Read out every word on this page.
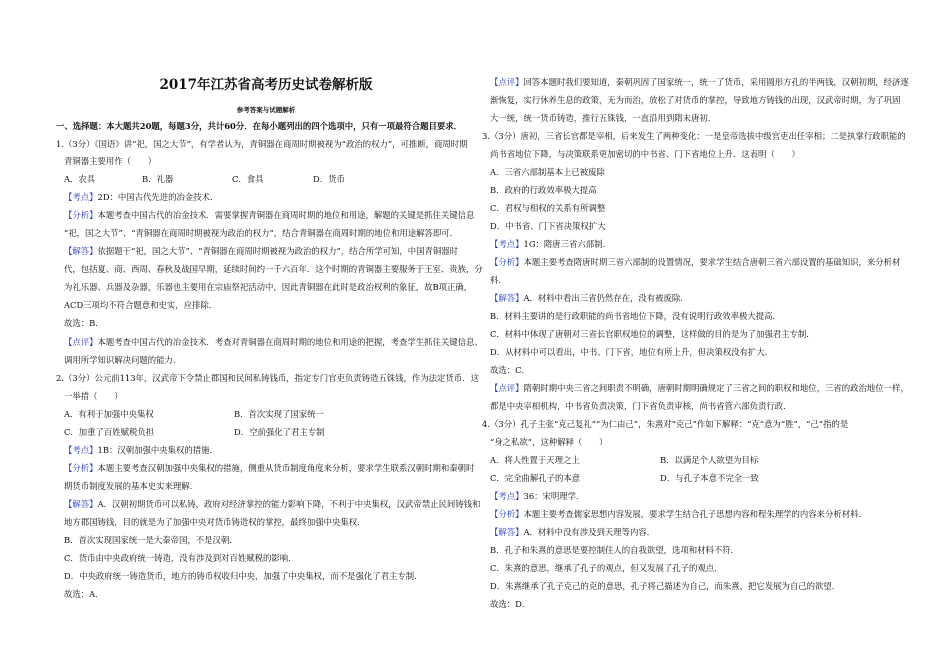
2017年江苏省高考历史试卷解析版
参考答案与试题解析
一、选择题：本大题共20题，每题3分，共计60分．在每小题列出的四个选项中，只有一项最符合题目要求．
1.（3分）《国语》讲“祀，国之大节”，有学者认为，青铜器在商周时期被视为“政治的权力”，可推断，商周时期
青铜器主要用作（　　）
A．农具	B．礼器	C．食具	D．货币
【考点】2D：中国古代先进的冶金技术．
【分析】本题考查中国古代的冶金技术．需要掌握青铜器在商周时期的地位和用途，解题的关键是抓住关键信息
“祀，国之大节”、“青铜器在商周时期被视为政治的权力”，结合青铜器在商周时期的地位和用途解答即可．
【解答】依据题干“祀，国之大节”、“青铜器在商周时期被视为政治的权力”，结合所学可知，中国青铜器时
代，包括夏、商、西周、春秋及战国早期，延续时间约一千六百年．这个时期的青铜器主要服务于王室、贵族，分
为礼乐器、兵器及杂器，乐器也主要用在宗庙祭祀活动中，因此青铜器在此时是政治权利的象征，故B项正确，
ACD三项均不符合题意和史实，应排除．
故选：B．
【点评】本题考查中国古代的冶金技术．考查对青铜器在商周时期的地位和用途的把握，考查学生抓住关键信息、
调用所学知识解决问题的能力．
2.（3分）公元前113年，汉武帝下令禁止郡国和民间私铸钱币，指定专门官吏负责铸造五铢钱，作为法定货币．这
一举措（　　）
A．有利于加强中央集权	B．首次实现了国家统一
C．加重了百姓赋税负担	D．空前强化了君主专制
【考点】1B：汉朝加强中央集权的措施．
【分析】本题主要考查汉朝加强中央集权的措施，侧重从货币制度角度来分析，要求学生联系汉朝时期和秦朝时
期货币制度发展的基本史实来理解．
【解答】A．汉朝初期货币可以私铸，政府对经济掌控的能力影响下降，不利于中央集权，汉武帝禁止民间铸钱和
地方郡国铸钱，目的就是为了加强中央对货币铸造权的掌控，最终加强中央集权．
B．首次实现国家统一是大秦帝国，不是汉朝．
C．货币由中央政府统一铸造，没有涉及到对百姓赋税的影响．
D．中央政府统一铸造货币，地方的铸币权收归中央，加强了中央集权，而不是强化了君主专制．
故选：A．
【点评】回答本题时我们要知道，秦朝巩固了国家统一，统一了货币，采用圆形方孔的半两钱，汉朝初期，经济逐
渐恢复，实行休养生息的政策，无为而治，放松了对货币的掌控，导致地方铸钱的出现，汉武帝时期，为了巩固
大一统，统一货币铸造，推行五铢钱，一直沿用到隋末唐初．
3.（3分）唐初，三省长官都是宰相，后来发生了两种变化：一是皇帝选拔中级官吏出任宰相；二是执掌行政职能的
尚书省地位下降，与决策联系更加密切的中书省、门下省地位上升．这表明（　　）
A．三省六部制基本上已被废除
B．政府的行政效率极大提高
C．君权与相权的关系有所调整
D．中书省、门下省决策权扩大
【考点】1G：隋唐三省六部制．
【分析】本题主要考查隋唐时期三省六部制的设置情况，要求学生结合唐朝三省六部设置的基础知识，来分析材
料．
【解答】A．材料中看出三省仍然存在，没有被废除．
B．材料主要讲的是行政职能的尚书省地位下降，没有说明行政效率极大提高．
C．材料中体现了唐朝对三省长官职权地位的调整，这样做的目的是为了加强君主专制．
D．从材料中可以看出，中书、门下省，地位有所上升，但决策权没有扩大．
故选：C．
【点评】隋朝时期中央三省之间职责不明确，唐朝时期明确规定了三省之间的职权和地位，三省的政治地位一样，
都是中央宰相机构，中书省负责决策，门下省负责审核，尚书省管六部负责行政．
4.（3分）孔子主张“克己复礼”“为仁由己”，朱熹对“克己”作如下解释：“克”意为“胜”，“己”指的是
“身之私欲”，这种解释（　　）
A．将人性置于天理之上	B．以满足个人欲望为目标
C．完全曲解孔子的本意	D．与孔子本意不完全一致
【考点】36：宋明理学．
【分析】本题主要考查儒家思想内容发展，要求学生结合孔子思想内容和程朱理学的内容来分析材料．
【解答】A．材料中没有涉及到天理等内容．
B．孔子和朱熹的意思是要控制住人的自我欲望，选项和材料不符．
C．朱熹的意思，继承了孔子的观点，但又发展了孔子的观点．
D．朱熹继承了孔子克己的克的意思，孔子将己描述为自己，而朱熹，把它发展为自己的欲望．
故选：D．
